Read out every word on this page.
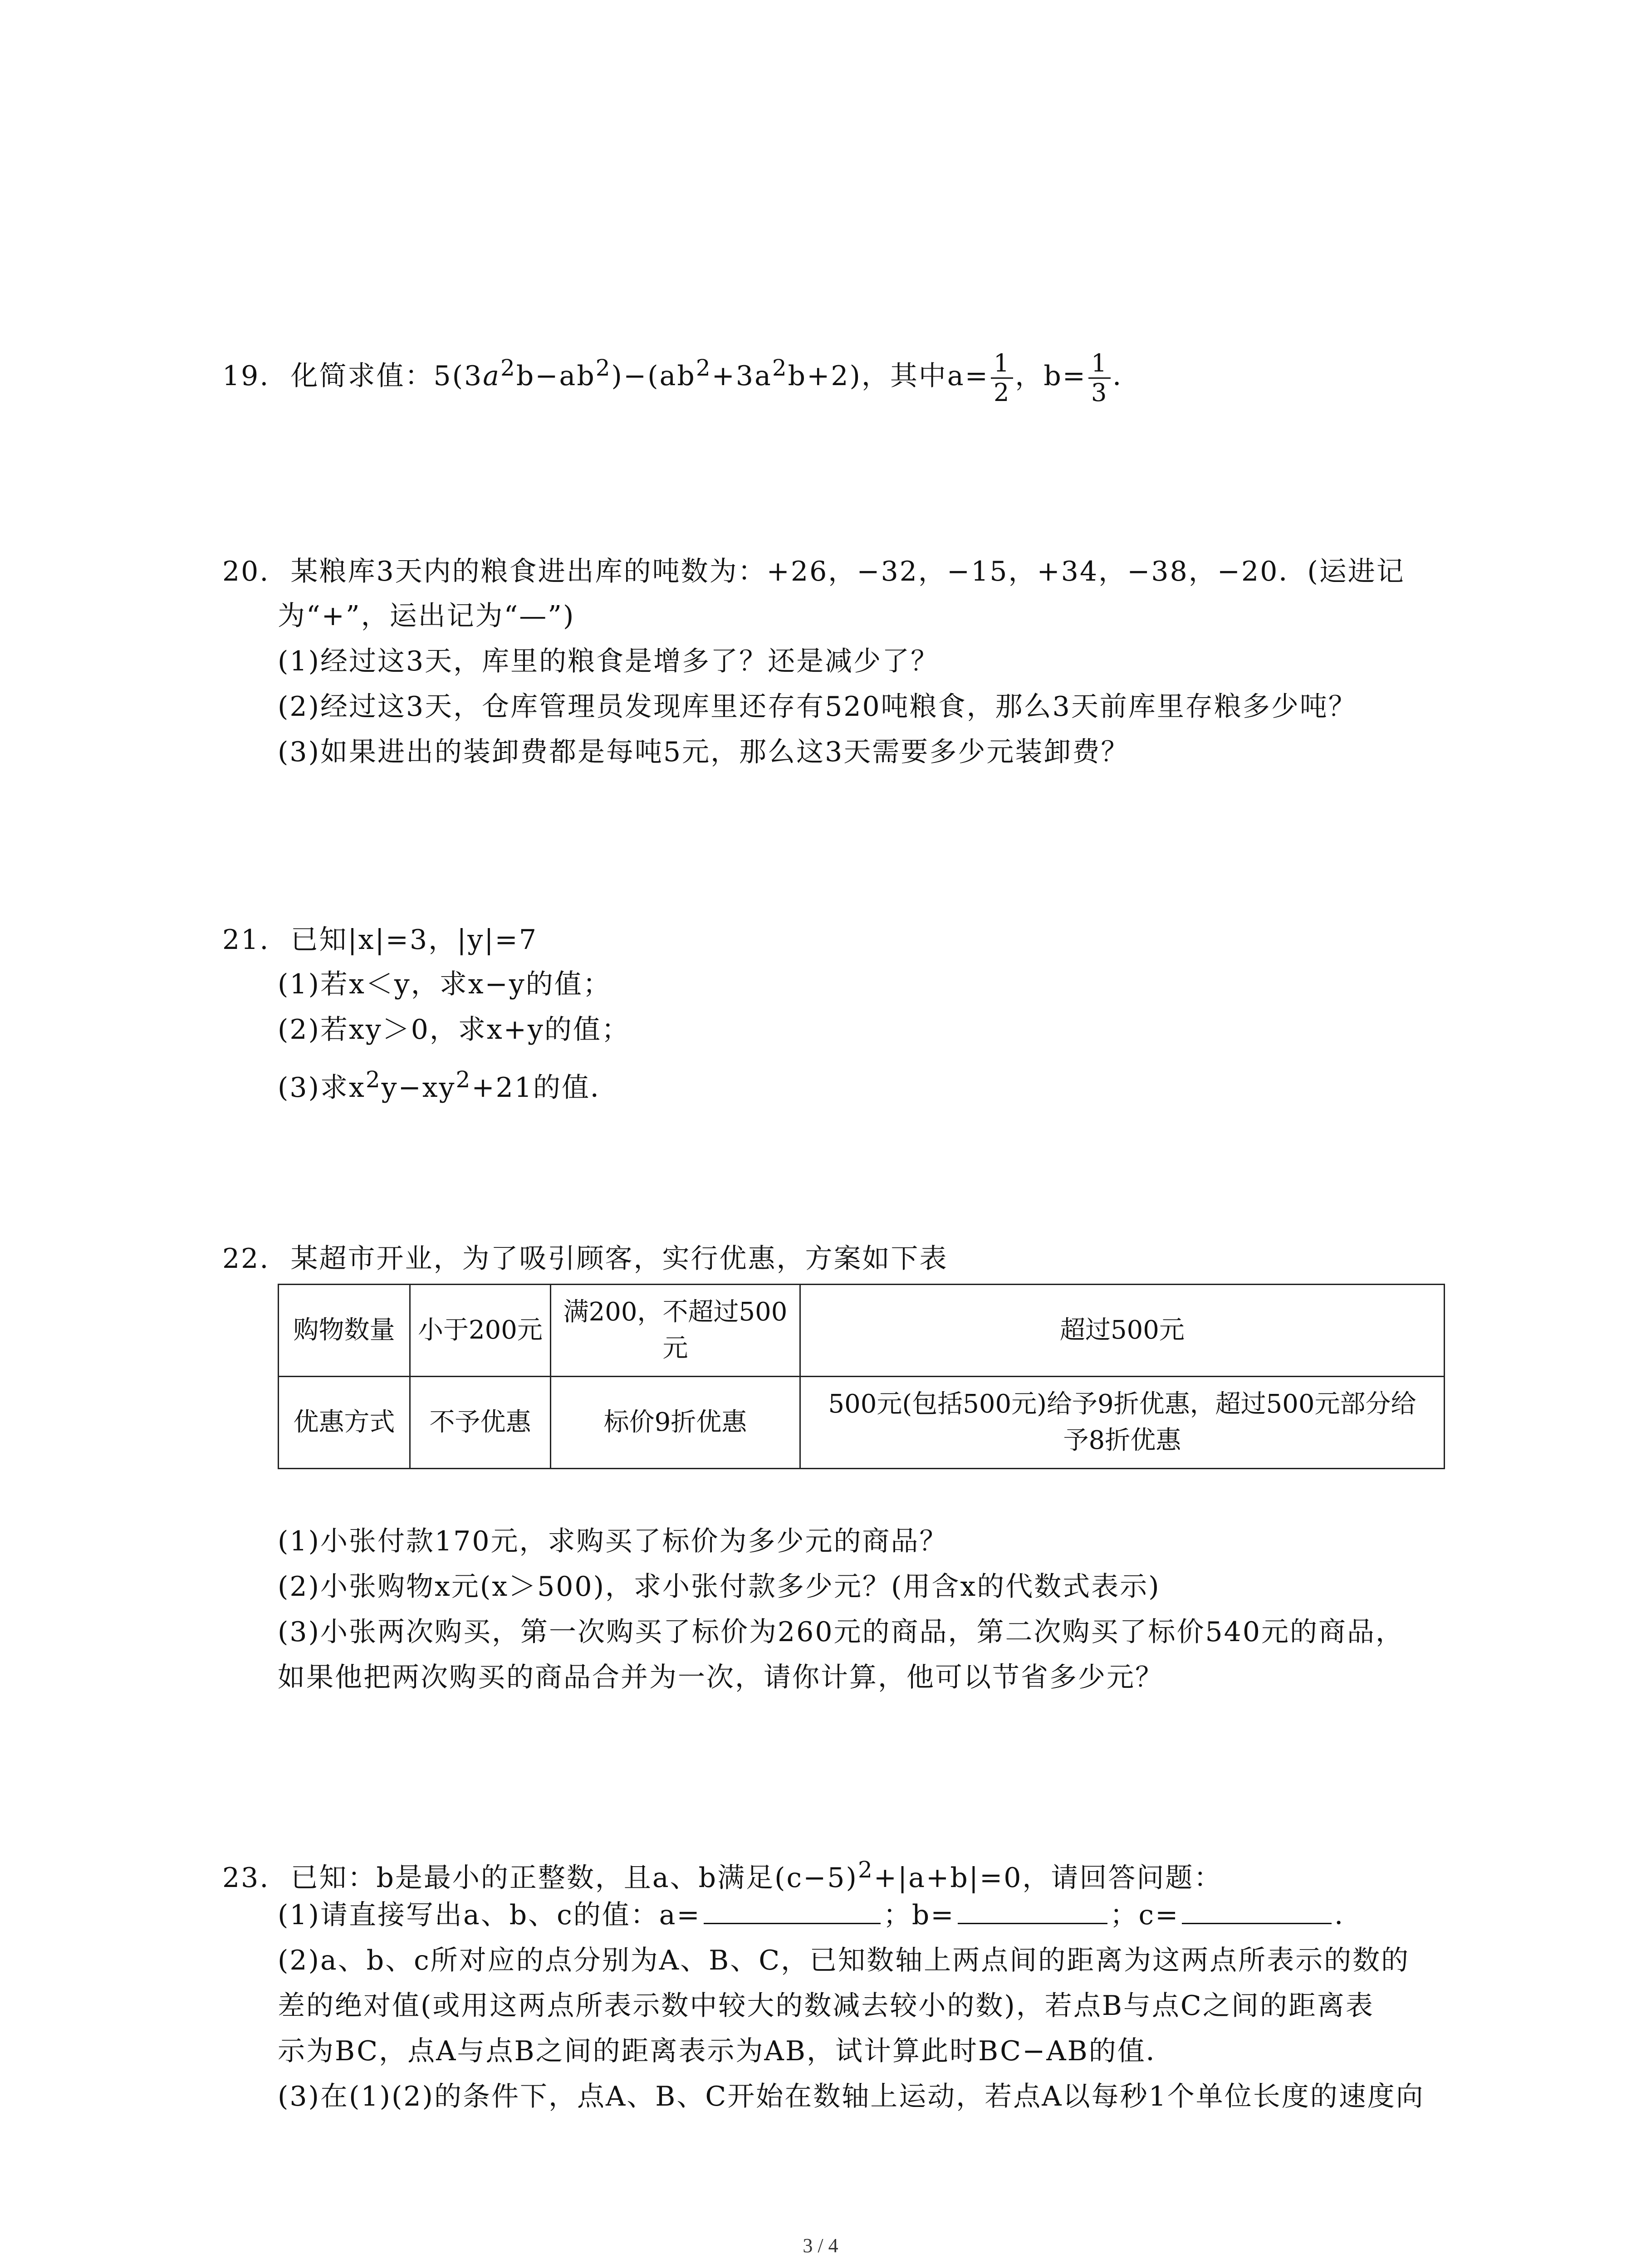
19. 化简求值：$5(3a^2b-ab^2)-(ab^2+3a^2b+2)$，其中$a= \frac{1}{2}$ ，$b= \frac{1}{3}$ ．
20. 某粮库3天内的粮食进出库的吨数为：+26，−32，−15，+34，−38，−20．(运进记
为“+”，运出记为“—”)
(1)经过这3天，库里的粮食是增多了？还是减少了？
(2)经过这3天，仓库管理员发现库里还存有520吨粮食，那么3天前库里存粮多少吨？
(3)如果进出的装卸费都是每吨5元，那么这3天需要多少元装卸费？
21. 已知|x|=3，|y|=7
(1)若x＜y，求x−y的值；
(2)若xy＞0，求x+y的值；
(3)求$x^2y-xy^2+21$的值．
22. 某超市开业，为了吸引顾客，实行优惠，方案如下表
购物数量	小于200元	满200，不超过500元	超过500元
优惠方式	不予优惠	标价9折优惠	500元(包括500元)给予9折优惠，超过500元部分给予8折优惠
(1)小张付款170元，求购买了标价为多少元的商品？
(2)小张购物x元(x＞500)，求小张付款多少元？(用含x的代数式表示)
(3)小张两次购买，第一次购买了标价为260元的商品，第二次购买了标价540元的商品，
如果他把两次购买的商品合并为一次，请你计算，他可以节省多少元？
23. 已知：b是最小的正整数，且a、b满足$(c-5)^2+|a+b|=0$，请回答问题：
(1)请直接写出a、b、c的值：a=	；b=	；c=	．
(2)a、b、c所对应的点分别为A、B、C，已知数轴上两点间的距离为这两点所表示的数的
差的绝对值(或用这两点所表示数中较大的数减去较小的数)，若点B与点C之间的距离表
示为BC，点A与点B之间的距离表示为AB，试计算此时BC−AB的值．
(3)在(1)(2)的条件下，点A、B、C开始在数轴上运动，若点A以每秒1个单位长度的速度向
3 / 4
